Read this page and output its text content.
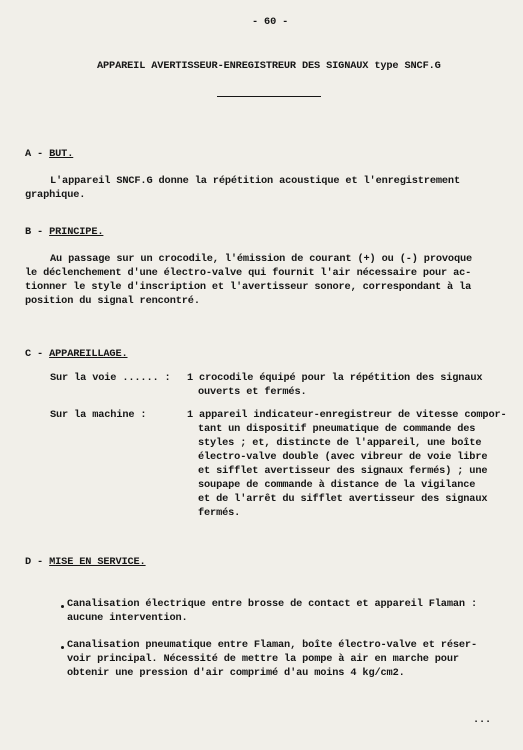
- 60 -
APPAREIL AVERTISSEUR-ENREGISTREUR DES SIGNAUX type SNCF.G
A - BUT.
L'appareil SNCF.G donne la répétition acoustique et l'enregistrement
graphique.
B - PRINCIPE.
Au passage sur un crocodile, l'émission de courant (+) ou (-) provoque
le déclenchement d'une électro-valve qui fournit l'air nécessaire pour ac-
tionner le style d'inscription et l'avertisseur sonore, correspondant à la
position du signal rencontré.
C - APPAREILLAGE.
Sur la voie ...... : 1 crocodile équipé pour la répétition des signaux
ouverts et fermés.
Sur la machine :	1 appareil indicateur-enregistreur de vitesse compor-
tant un dispositif pneumatique de commande des
styles ; et, distincte de l'appareil, une boîte
électro-valve double (avec vibreur de voie libre
et sifflet avertisseur des signaux fermés) ; une
soupape de commande à distance de la vigilance
et de l'arrêt du sifflet avertisseur des signaux
fermés.
D - MISE EN SERVICE.
Canalisation électrique entre brosse de contact et appareil Flaman :
aucune intervention.
Canalisation pneumatique entre Flaman, boîte électro-valve et réser-
voir principal. Nécessité de mettre la pompe à air en marche pour
obtenir une pression d'air comprimé d'au moins 4 kg/cm2.
...
